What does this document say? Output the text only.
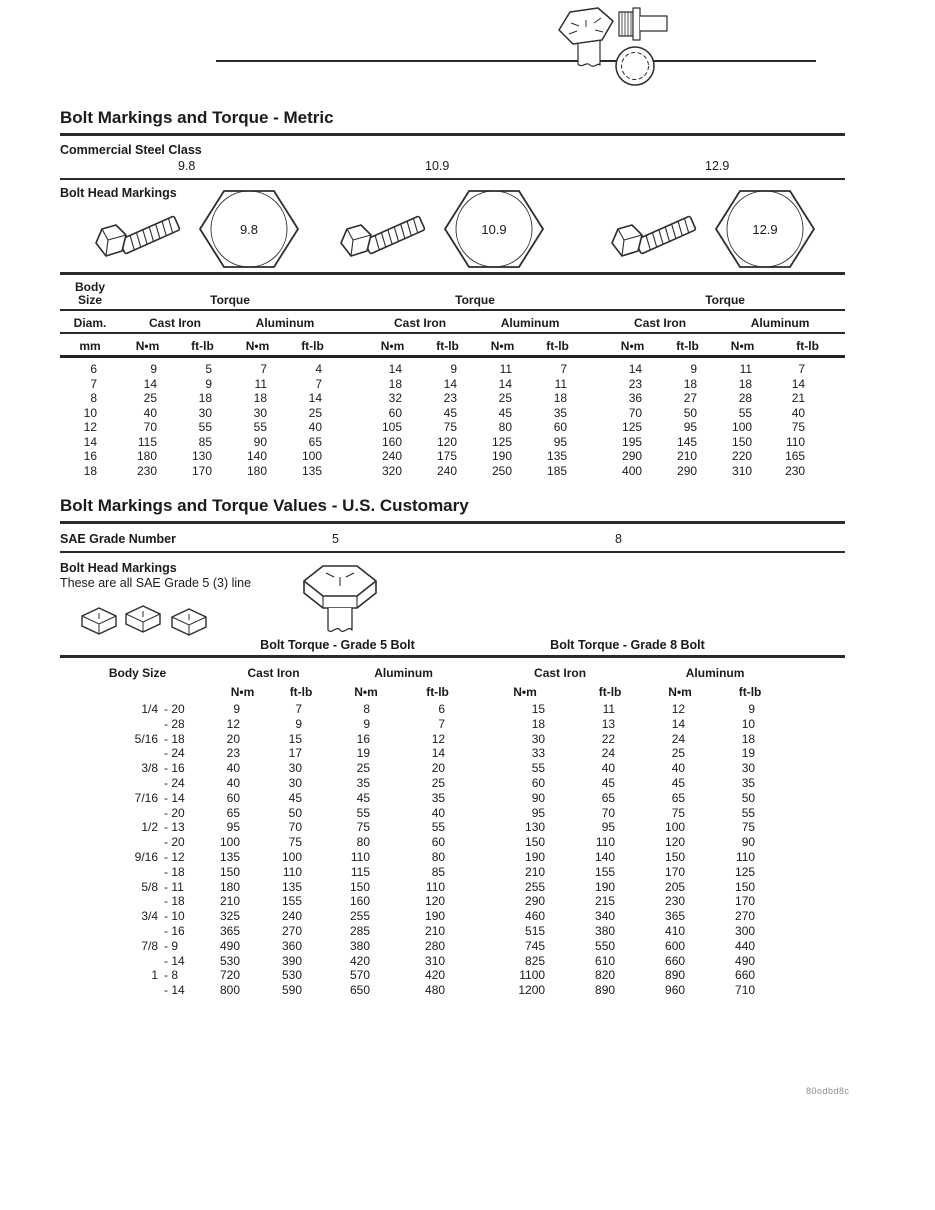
Bolt Markings and Torque - Metric
Commercial Steel Class
9.8	10.9	12.9
Bolt Head Markings
9.8	10.9	12.9
Body
Size	Torque					Torque					Torque			
Diam.	Cast Iron		Aluminum			Cast Iron		Aluminum			Cast Iron		Aluminum	
mm	N•m	ft-lb	N•m	ft-lb		N•m	ft-lb	N•m	ft-lb		N•m	ft-lb	N•m	ft-lb
6	9	5	7	4		14	9	11	7		14	9	11	7
7	14	9	11	7		18	14	14	11		23	18	18	14
8	25	18	18	14		32	23	25	18		36	27	28	21
10	40	30	30	25		60	45	45	35		70	50	55	40
12	70	55	55	40		105	75	80	60		125	95	100	75
14	115	85	90	65		160	120	125	95		195	145	150	110
16	180	130	140	100		240	175	190	135		290	210	220	165
18	230	170	180	135		320	240	250	185		400	290	310	230
Bolt Markings and Torque Values - U.S. Customary
SAE Grade Number	5	8
Bolt Head Markings
These are all SAE Grade 5 (3) line
Bolt Torque - Grade 5 Bolt	Bolt Torque - Grade 8 Bolt
Body Size		Cast Iron		Aluminum		Cast Iron		Aluminum	
		N•m	ft-lb	N•m	ft-lb	N•m	ft-lb	N•m	ft-lb
1/4	- 20	9	7	8	6	15	11	12	9
	- 28	12	9	9	7	18	13	14	10
5/16	- 18	20	15	16	12	30	22	24	18
	- 24	23	17	19	14	33	24	25	19
3/8	- 16	40	30	25	20	55	40	40	30
	- 24	40	30	35	25	60	45	45	35
7/16	- 14	60	45	45	35	90	65	65	50
	- 20	65	50	55	40	95	70	75	55
1/2	- 13	95	70	75	55	130	95	100	75
	- 20	100	75	80	60	150	110	120	90
9/16	- 12	135	100	110	80	190	140	150	110
	- 18	150	110	115	85	210	155	170	125
5/8	- 11	180	135	150	110	255	190	205	150
	- 18	210	155	160	120	290	215	230	170
3/4	- 10	325	240	255	190	460	340	365	270
	- 16	365	270	285	210	515	380	410	300
7/8	- 9	490	360	380	280	745	550	600	440
	- 14	530	390	420	310	825	610	660	490
1	- 8	720	530	570	420	1100	820	890	660
	- 14	800	590	650	480	1200	890	960	710
80odbd8c
